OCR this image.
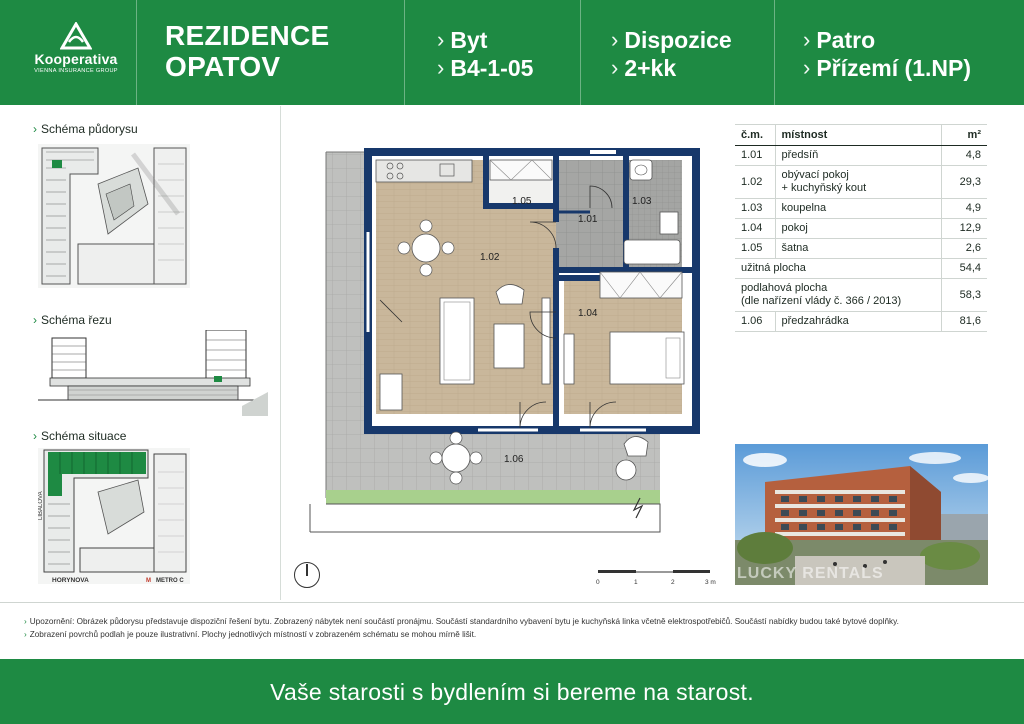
Kooperativa
VIENNA INSURANCE GROUP
REZIDENCE
OPATOV
› Byt
› B4-1-05
› Dispozice
› 2+kk
› Patro
› Přízemí (1.NP)
› Schéma půdorysu
› Schéma řezu
› Schéma situace
LÍBALOVA
HORYNOVA	M METRO C
1.05
1.01
1.03
1.02
1.04
1.06
0	1	2	3 m
č.m.	místnost	m²
1.01	předsíň	4,8
1.02	obývací pokoj
+ kuchyňský kout	29,3
1.03	koupelna	4,9
1.04	pokoj	12,9
1.05	šatna	2,6
užitná plocha		54,4
podlahová plocha
(dle nařízení vlády č. 366 / 2013)		58,3
1.06	předzahrádka	81,6
LUCKY RENTALS
› Upozornění: Obrázek půdorysu představuje dispoziční řešení bytu. Zobrazený nábytek není součástí pronájmu. Součástí standardního vybavení bytu je kuchyňská linka včetně elektrospotřebičů. Součástí nabídky budou také bytové doplňky.
› Zobrazení povrchů podlah je pouze ilustrativní. Plochy jednotlivých místností v zobrazeném schématu se mohou mírně lišit.
Vaše starosti s bydlením si bereme na starost.
